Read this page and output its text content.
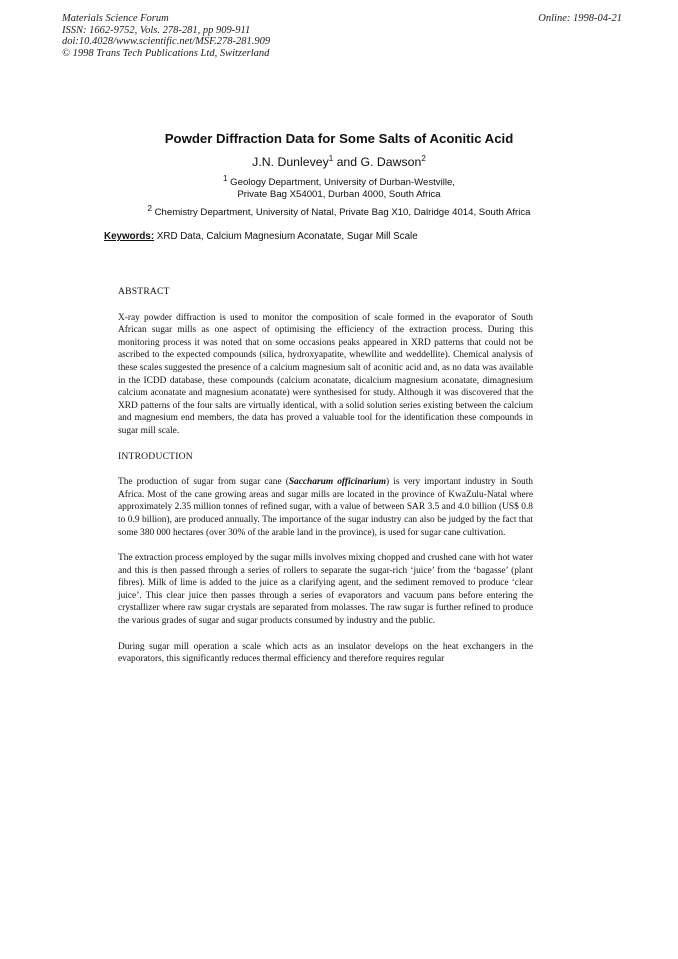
Materials Science Forum
ISSN: 1662-9752, Vols. 278-281, pp 909-911
doi:10.4028/www.scientific.net/MSF.278-281.909
© 1998 Trans Tech Publications Ltd, Switzerland
Online: 1998-04-21
Powder Diffraction Data for Some Salts of Aconitic Acid
J.N. Dunlevey$^1$ and G. Dawson$^2$
$^1$ Geology Department, University of Durban-Westville,
Private Bag X54001, Durban 4000, South Africa
$^2$ Chemistry Department, University of Natal, Private Bag X10, Dalridge 4014, South Africa
Keywords: XRD Data, Calcium Magnesium Aconatate, Sugar Mill Scale
ABSTRACT
X-ray powder diffraction is used to monitor the composition of scale formed in the evaporator of South African sugar mills as one aspect of optimising the efficiency of the extraction process. During this monitoring process it was noted that on some occasions peaks appeared in XRD patterns that could not be ascribed to the expected compounds (silica, hydroxyapatite, whewllite and weddellite). Chemical analysis of these scales suggested the presence of a calcium magnesium salt of aconitic acid and, as no data was available in the ICDD database, these compounds (calcium aconatate, dicalcium magnesium aconatate, dimagnesium calcium aconatate and magnesium aconatate) were synthesised for study. Although it was discovered that the XRD patterns of the four salts are virtually identical, with a solid solution series existing between the calcium and magnesium end members, the data has proved a valuable tool for the identification these compounds in sugar mill scale.
INTRODUCTION
The production of sugar from sugar cane (Saccharum officinarium) is very important industry in South Africa. Most of the cane growing areas and sugar mills are located in the province of KwaZulu-Natal where approximately 2.35 million tonnes of refined sugar, with a value of between SAR 3.5 and 4.0 billion (US$ 0.8 to 0.9 billion), are produced annually. The importance of the sugar industry can also be judged by the fact that some 380 000 hectares (over 30% of the arable land in the province), is used for sugar cane cultivation.
The extraction process employed by the sugar mills involves mixing chopped and crushed cane with hot water and this is then passed through a series of rollers to separate the sugar-rich ‘juice’ from the ‘bagasse’ (plant fibres). Milk of lime is added to the juice as a clarifying agent, and the sediment removed to produce ‘clear juice’. This clear juice then passes through a series of evaporators and vacuum pans before entering the crystallizer where raw sugar crystals are separated from molasses. The raw sugar is further refined to produce the various grades of sugar and sugar products consumed by industry and the public.
During sugar mill operation a scale which acts as an insulator develops on the heat exchangers in the evaporators, this significantly reduces thermal efficiency and therefore requires regular
